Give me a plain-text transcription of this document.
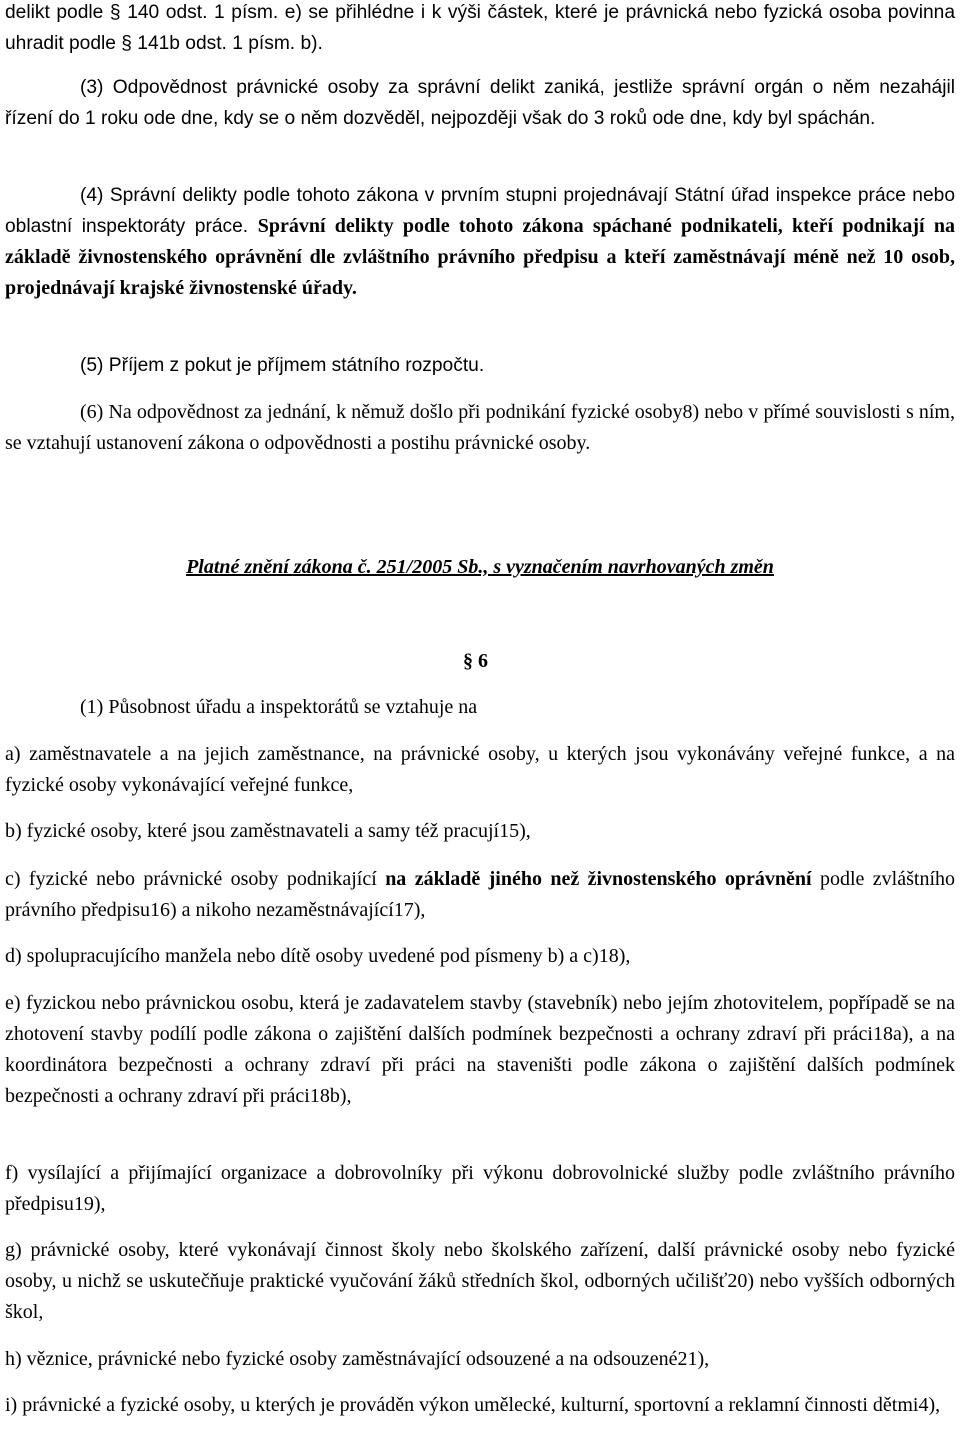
delikt podle § 140 odst. 1 písm. e) se přihlédne i k výši částek, které je právnická nebo fyzická osoba povinna uhradit podle § 141b odst. 1 písm. b).

(3) Odpovědnost právnické osoby za správní delikt zaniká, jestliže správní orgán o něm nezahájil řízení do 1 roku ode dne, kdy se o něm dozvěděl, nejpozději však do 3 roků ode dne, kdy byl spáchán.

(4) Správní delikty podle tohoto zákona v prvním stupni projednávají Státní úřad inspekce práce nebo oblastní inspektoráty práce. Správní delikty podle tohoto zákona spáchané podnikateli, kteří podnikají na základě živnostenského oprávnění dle zvláštního právního předpisu a kteří zaměstnávají méně než 10 osob, projednávají krajské živnostenské úřady.

(5) Příjem z pokut je příjmem státního rozpočtu.

(6) Na odpovědnost za jednání, k němuž došlo při podnikání fyzické osoby8) nebo v přímé souvislosti s ním, se vztahují ustanovení zákona o odpovědnosti a postihu právnické osoby.

Platné znění zákona č. 251/2005 Sb., s vyznačením navrhovaných změn
§ 6

(1) Působnost úřadu a inspektorátů se vztahuje na

a) zaměstnavatele a na jejich zaměstnance, na právnické osoby, u kterých jsou vykonávány veřejné funkce, a na fyzické osoby vykonávající veřejné funkce,

b) fyzické osoby, které jsou zaměstnavateli a samy též pracují15),

c) fyzické nebo právnické osoby podnikající na základě jiného než živnostenského oprávnění podle zvláštního právního předpisu16) a nikoho nezaměstnávající17),

d) spolupracujícího manžela nebo dítě osoby uvedené pod písmeny b) a c)18),

e) fyzickou nebo právnickou osobu, která je zadavatelem stavby (stavebník) nebo jejím zhotovitelem, popřípadě se na zhotovení stavby podílí podle zákona o zajištění dalších podmínek bezpečnosti a ochrany zdraví při práci18a), a na koordinátora bezpečnosti a ochrany zdraví při práci na staveništi podle zákona o zajištění dalších podmínek bezpečnosti a ochrany zdraví při práci18b),

f) vysílající a přijímající organizace a dobrovolníky při výkonu dobrovolnické služby podle zvláštního právního předpisu19),

g) právnické osoby, které vykonávají činnost školy nebo školského zařízení, další právnické osoby nebo fyzické osoby, u nichž se uskutečňuje praktické vyučování žáků středních škol, odborných učilišť20) nebo vyšších odborných škol,

h) věznice, právnické nebo fyzické osoby zaměstnávající odsouzené a na odsouzené21),

i) právnické a fyzické osoby, u kterých je prováděn výkon umělecké, kulturní, sportovní a reklamní činnosti dětmi4),
